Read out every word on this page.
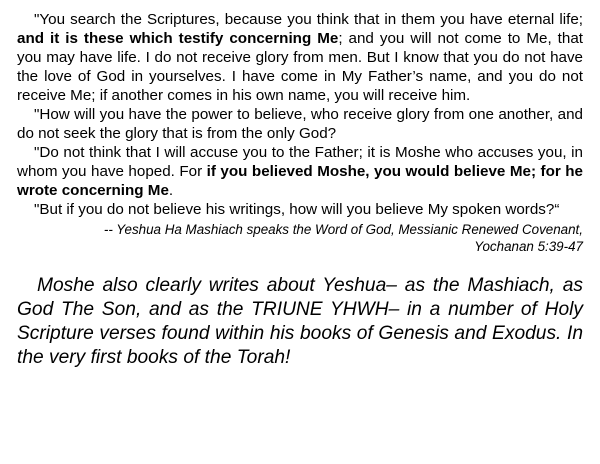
"You search the Scriptures, because you think that in them you have eternal life; and it is these which testify concerning Me; and you will not come to Me, that you may have life. I do not receive glory from men. But I know that you do not have the love of God in yourselves. I have come in My Father’s name, and you do not receive Me; if another comes in his own name, you will receive him.

"How will you have the power to believe, who receive glory from one another, and do not seek the glory that is from the only God?

"Do not think that I will accuse you to the Father; it is Moshe who accuses you, in whom you have hoped. For if you believed Moshe, you would believe Me; for he wrote concerning Me.

"But if you do not believe his writings, how will you believe My spoken words?“

-- Yeshua Ha Mashiach speaks the Word of God, Messianic Renewed Covenant,
Yochanan 5:39-47

Moshe also clearly writes about Yeshua– as the Mashiach, as God The Son, and as the TRIUNE YHWH– in a number of Holy Scripture verses found within his books of Genesis and Exodus. In the very first books of the Torah!
